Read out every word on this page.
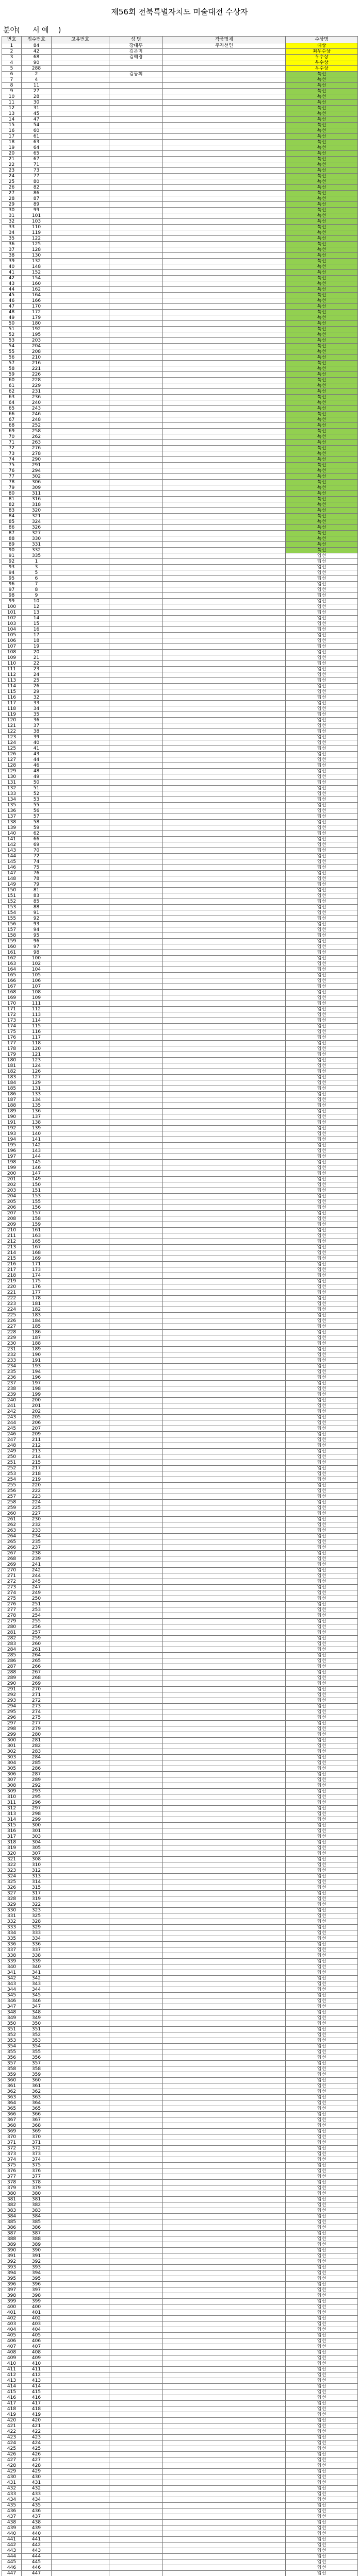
제56회 전북특별자치도 미술대전 수상자
분야( 서 예 )
번호	접수번호	고유번호	성 명	작품명제	수상명
1	84		강대후	주자선인	대상
2	42		김은미		최우수상
3	68		김혜경		우수상
4	90				우수상
5	288				우수상
6	2		김동희		특선
7	4				특선
8	11				특선
9	27				특선
10	28				특선
11	30				특선
12	31				특선
13	45				특선
14	47				특선
15	54				특선
16	60				특선
17	61				특선
18	63				특선
19	64				특선
20	65				특선
21	67				특선
22	71				특선
23	73				특선
24	77				특선
25	80				특선
26	82				특선
27	86				특선
28	87				특선
29	89				특선
30	99				특선
31	101				특선
32	103				특선
33	110				특선
34	119				특선
35	122				특선
36	125				특선
37	128				특선
38	130				특선
39	132				특선
40	148				특선
41	152				특선
42	154				특선
43	160				특선
44	162				특선
45	164				특선
46	166				특선
47	170				특선
48	172				특선
49	179				특선
50	180				특선
51	192				특선
52	195				특선
53	203				특선
54	204				특선
55	208				특선
56	210				특선
57	216				특선
58	221				특선
59	226				특선
60	228				특선
61	229				특선
62	231				특선
63	236				특선
64	240				특선
65	243				특선
66	246				특선
67	248				특선
68	252				특선
69	258				특선
70	262				특선
71	263				특선
72	276				특선
73	278				특선
74	290				특선
75	291				특선
76	294				특선
77	302				특선
78	306				특선
79	309				특선
80	311				특선
81	316				특선
82	318				특선
83	320				특선
84	321				특선
85	324				특선
86	326				특선
87	327				특선
88	330				특선
89	331				특선
90	332				특선
91	335				입선
92	1				입선
93	3				입선
94	5				입선
95	6				입선
96	7				입선
97	8				입선
98	9				입선
99	10				입선
100	12				입선
101	13				입선
102	14				입선
103	15				입선
104	16				입선
105	17				입선
106	18				입선
107	19				입선
108	20				입선
109	21				입선
110	22				입선
111	23				입선
112	24				입선
113	25				입선
114	26				입선
115	29				입선
116	32				입선
117	33				입선
118	34				입선
119	35				입선
120	36				입선
121	37				입선
122	38				입선
123	39				입선
124	40				입선
125	41				입선
126	43				입선
127	44				입선
128	46				입선
129	48				입선
130	49				입선
131	50				입선
132	51				입선
133	52				입선
134	53				입선
135	55				입선
136	56				입선
137	57				입선
138	58				입선
139	59				입선
140	62				입선
141	66				입선
142	69				입선
143	70				입선
144	72				입선
145	74				입선
146	75				입선
147	76				입선
148	78				입선
149	79				입선
150	81				입선
151	83				입선
152	85				입선
153	88				입선
154	91				입선
155	92				입선
156	93				입선
157	94				입선
158	95				입선
159	96				입선
160	97				입선
161	98				입선
162	100				입선
163	102				입선
164	104				입선
165	105				입선
166	106				입선
167	107				입선
168	108				입선
169	109				입선
170	111				입선
171	112				입선
172	113				입선
173	114				입선
174	115				입선
175	116				입선
176	117				입선
177	118				입선
178	120				입선
179	121				입선
180	123				입선
181	124				입선
182	126				입선
183	127				입선
184	129				입선
185	131				입선
186	133				입선
187	134				입선
188	135				입선
189	136				입선
190	137				입선
191	138				입선
192	139				입선
193	140				입선
194	141				입선
195	142				입선
196	143				입선
197	144				입선
198	145				입선
199	146				입선
200	147				입선
201	149				입선
202	150				입선
203	151				입선
204	153				입선
205	155				입선
206	156				입선
207	157				입선
208	158				입선
209	159				입선
210	161				입선
211	163				입선
212	165				입선
213	167				입선
214	168				입선
215	169				입선
216	171				입선
217	173				입선
218	174				입선
219	175				입선
220	176				입선
221	177				입선
222	178				입선
223	181				입선
224	182				입선
225	183				입선
226	184				입선
227	185				입선
228	186				입선
229	187				입선
230	188				입선
231	189				입선
232	190				입선
233	191				입선
234	193				입선
235	194				입선
236	196				입선
237	197				입선
238	198				입선
239	199				입선
240	200				입선
241	201				입선
242	202				입선
243	205				입선
244	206				입선
245	207				입선
246	209				입선
247	211				입선
248	212				입선
249	213				입선
250	214				입선
251	215				입선
252	217				입선
253	218				입선
254	219				입선
255	220				입선
256	222				입선
257	223				입선
258	224				입선
259	225				입선
260	227				입선
261	230				입선
262	232				입선
263	233				입선
264	234				입선
265	235				입선
266	237				입선
267	238				입선
268	239				입선
269	241				입선
270	242				입선
271	244				입선
272	245				입선
273	247				입선
274	249				입선
275	250				입선
276	251				입선
277	253				입선
278	254				입선
279	255				입선
280	256				입선
281	257				입선
282	259				입선
283	260				입선
284	261				입선
285	264				입선
286	265				입선
287	266				입선
288	267				입선
289	268				입선
290	269				입선
291	270				입선
292	271				입선
293	272				입선
294	273				입선
295	274				입선
296	275				입선
297	277				입선
298	279				입선
299	280				입선
300	281				입선
301	282				입선
302	283				입선
303	284				입선
304	285				입선
305	286				입선
306	287				입선
307	289				입선
308	292				입선
309	293				입선
310	295				입선
311	296				입선
312	297				입선
313	298				입선
314	299				입선
315	300				입선
316	301				입선
317	303				입선
318	304				입선
319	305				입선
320	307				입선
321	308				입선
322	310				입선
323	312				입선
324	313				입선
325	314				입선
326	315				입선
327	317				입선
328	319				입선
329	322				입선
330	323				입선
331	325				입선
332	328				입선
333	329				입선
334	333				입선
335	334				입선
336	336				입선
337	337				입선
338	338				입선
339	339				입선
340	340				입선
341	341				입선
342	342				입선
343	343				입선
344	344				입선
345	345				입선
346	346				입선
347	347				입선
348	348				입선
349	349				입선
350	350				입선
351	351				입선
352	352				입선
353	353				입선
354	354				입선
355	355				입선
356	356				입선
357	357				입선
358	358				입선
359	359				입선
360	360				입선
361	361				입선
362	362				입선
363	363				입선
364	364				입선
365	365				입선
366	366				입선
367	367				입선
368	368				입선
369	369				입선
370	370				입선
371	371				입선
372	372				입선
373	373				입선
374	374				입선
375	375				입선
376	376				입선
377	377				입선
378	378				입선
379	379				입선
380	380				입선
381	381				입선
382	382				입선
383	383				입선
384	384				입선
385	385				입선
386	386				입선
387	387				입선
388	388				입선
389	389				입선
390	390				입선
391	391				입선
392	392				입선
393	393				입선
394	394				입선
395	395				입선
396	396				입선
397	397				입선
398	398				입선
399	399				입선
400	400				입선
401	401				입선
402	402				입선
403	403				입선
404	404				입선
405	405				입선
406	406				입선
407	407				입선
408	408				입선
409	409				입선
410	410				입선
411	411				입선
412	412				입선
413	413				입선
414	414				입선
415	415				입선
416	416				입선
417	417				입선
418	418				입선
419	419				입선
420	420				입선
421	421				입선
422	422				입선
423	423				입선
424	424				입선
425	425				입선
426	426				입선
427	427				입선
428	428				입선
429	429				입선
430	430				입선
431	431				입선
432	432				입선
433	433				입선
434	434				입선
435	435				입선
436	436				입선
437	437				입선
438	438				입선
439	439				입선
440	440				입선
441	441				입선
442	442				입선
443	443				입선
444	444				입선
445	445				입선
446	446				입선
447	447				입선
